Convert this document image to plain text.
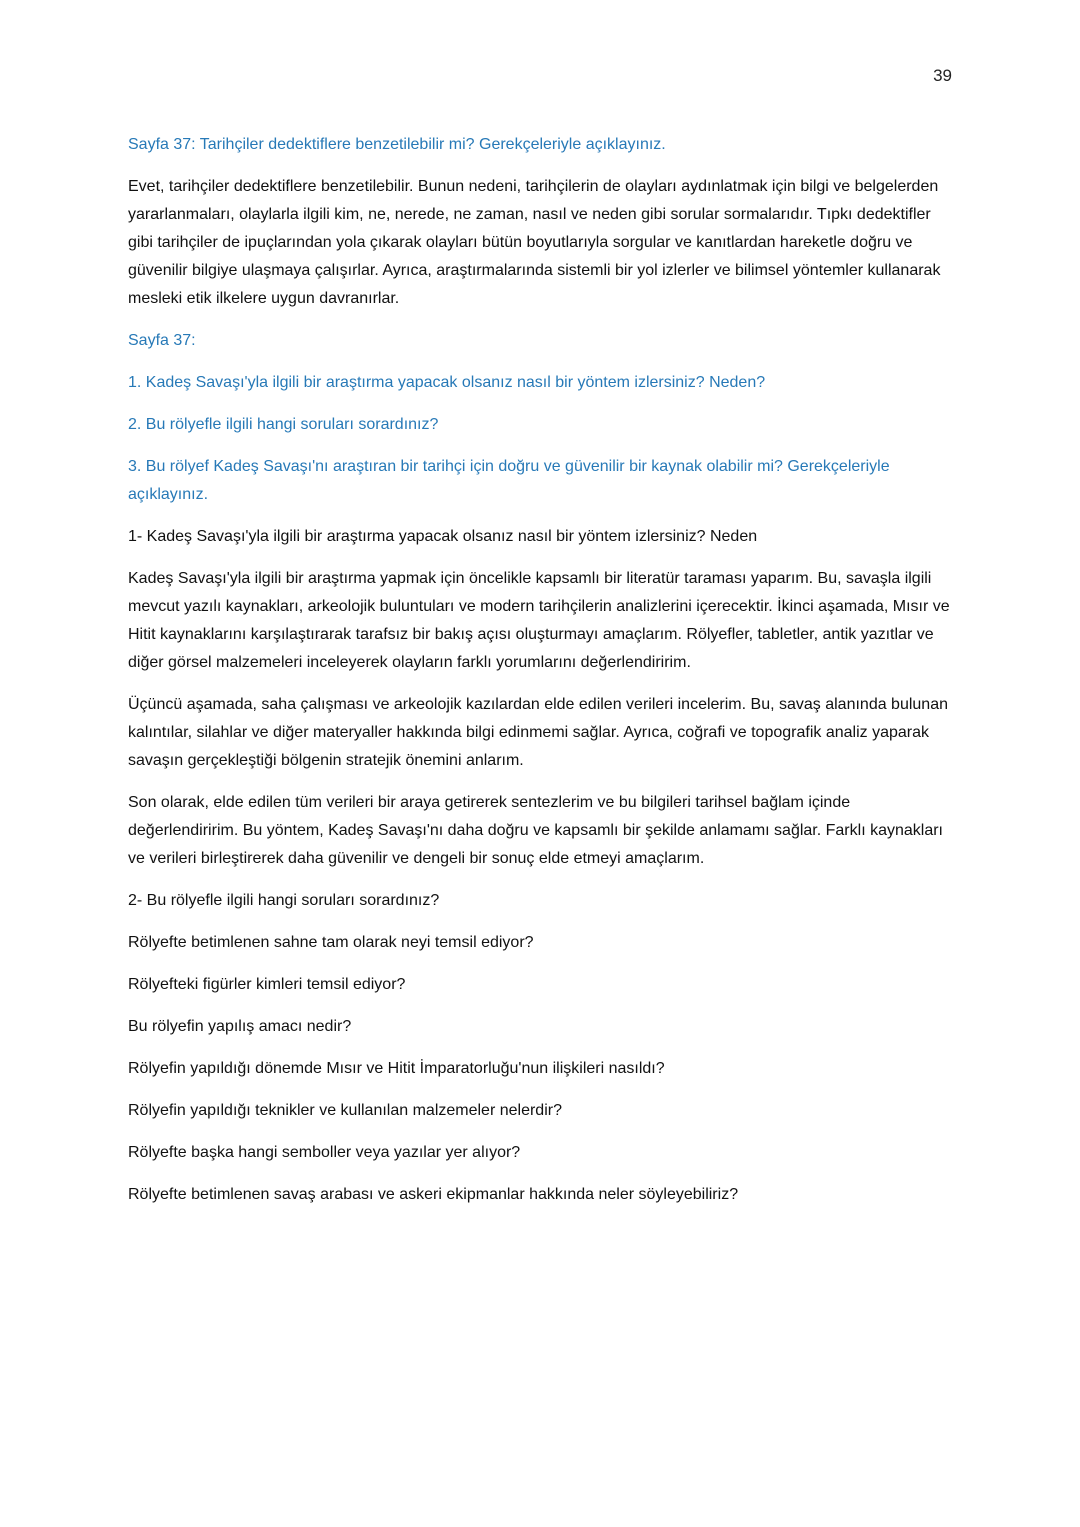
39

Sayfa 37: Tarihçiler dedektiflere benzetilebilir mi? Gerekçeleriyle açıklayınız.

Evet, tarihçiler dedektiflere benzetilebilir. Bunun nedeni, tarihçilerin de olayları aydınlatmak için bilgi ve belgelerden yararlanmaları, olaylarla ilgili kim, ne, nerede, ne zaman, nasıl ve neden gibi sorular sormalarıdır. Tıpkı dedektifler gibi tarihçiler de ipuçlarından yola çıkarak olayları bütün boyutlarıyla sorgular ve kanıtlardan hareketle doğru ve güvenilir bilgiye ulaşmaya çalışırlar. Ayrıca, araştırmalarında sistemli bir yol izlerler ve bilimsel yöntemler kullanarak mesleki etik ilkelere uygun davranırlar.

Sayfa 37:

1. Kadeş Savaşı'yla ilgili bir araştırma yapacak olsanız nasıl bir yöntem izlersiniz? Neden?

2. Bu rölyefle ilgili hangi soruları sorardınız?

3. Bu rölyef Kadeş Savaşı'nı araştıran bir tarihçi için doğru ve güvenilir bir kaynak olabilir mi? Gerekçeleriyle açıklayınız.

1- Kadeş Savaşı'yla ilgili bir araştırma yapacak olsanız nasıl bir yöntem izlersiniz? Neden

Kadeş Savaşı'yla ilgili bir araştırma yapmak için öncelikle kapsamlı bir literatür taraması yaparım. Bu, savaşla ilgili mevcut yazılı kaynakları, arkeolojik buluntuları ve modern tarihçilerin analizlerini içerecektir. İkinci aşamada, Mısır ve Hitit kaynaklarını karşılaştırarak tarafsız bir bakış açısı oluşturmayı amaçlarım. Rölyefler, tabletler, antik yazıtlar ve diğer görsel malzemeleri inceleyerek olayların farklı yorumlarını değerlendiririm.

Üçüncü aşamada, saha çalışması ve arkeolojik kazılardan elde edilen verileri incelerim. Bu, savaş alanında bulunan kalıntılar, silahlar ve diğer materyaller hakkında bilgi edinmemi sağlar. Ayrıca, coğrafi ve topografik analiz yaparak savaşın gerçekleştiği bölgenin stratejik önemini anlarım.

Son olarak, elde edilen tüm verileri bir araya getirerek sentezlerim ve bu bilgileri tarihsel bağlam içinde değerlendiririm. Bu yöntem, Kadeş Savaşı'nı daha doğru ve kapsamlı bir şekilde anlamamı sağlar. Farklı kaynakları ve verileri birleştirerek daha güvenilir ve dengeli bir sonuç elde etmeyi amaçlarım.

2- Bu rölyefle ilgili hangi soruları sorardınız?

Rölyefte betimlenen sahne tam olarak neyi temsil ediyor?

Rölyefteki figürler kimleri temsil ediyor?

Bu rölyefin yapılış amacı nedir?

Rölyefin yapıldığı dönemde Mısır ve Hitit İmparatorluğu'nun ilişkileri nasıldı?

Rölyefin yapıldığı teknikler ve kullanılan malzemeler nelerdir?

Rölyefte başka hangi semboller veya yazılar yer alıyor?

Rölyefte betimlenen savaş arabası ve askeri ekipmanlar hakkında neler söyleyebiliriz?
